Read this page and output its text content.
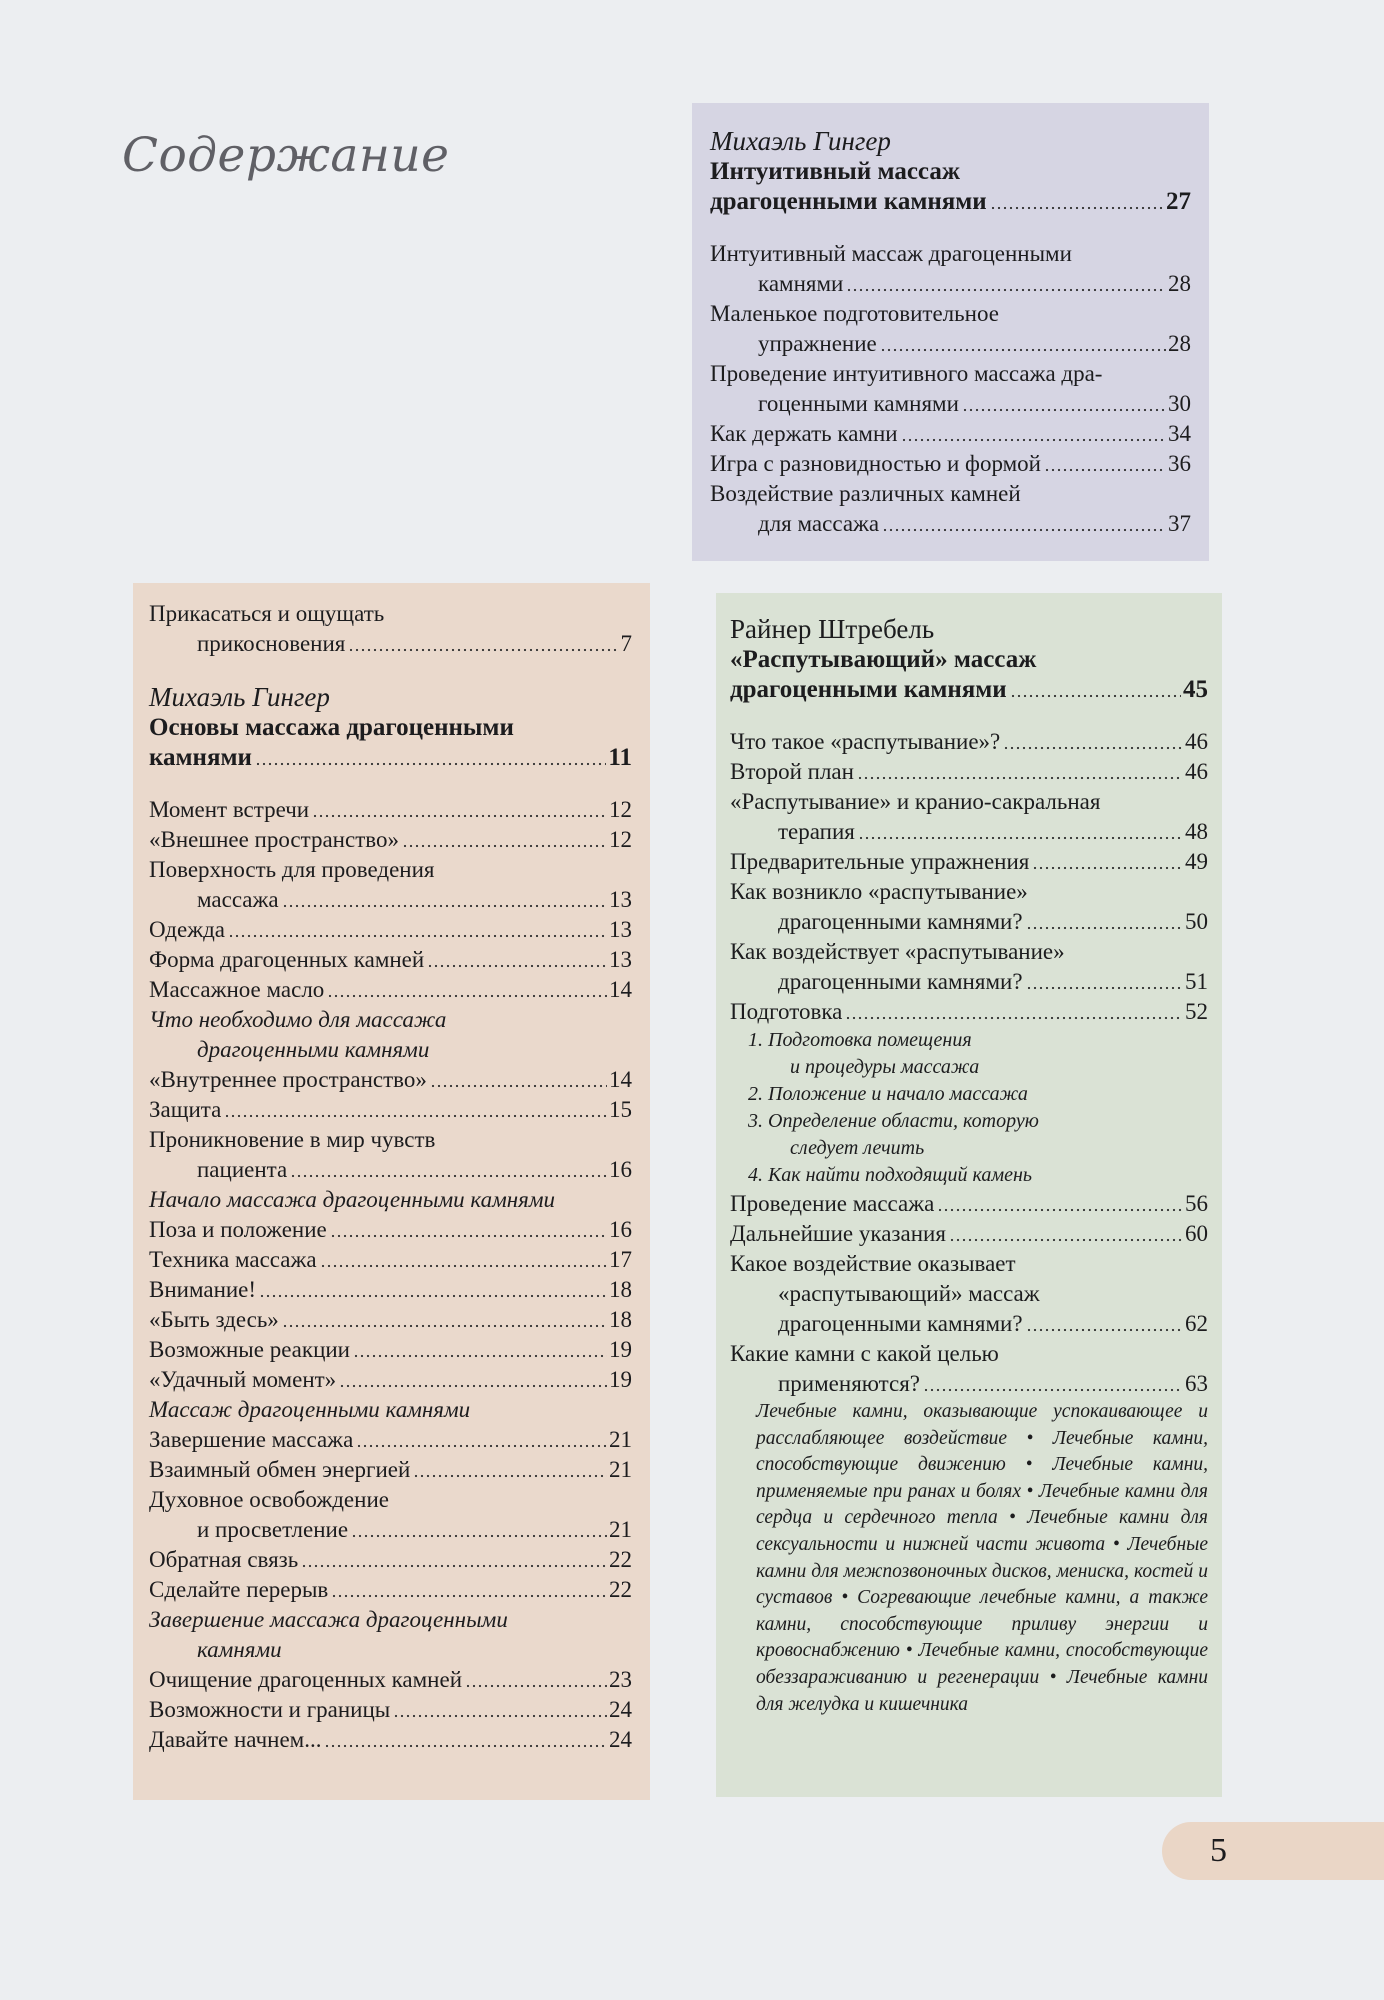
Содержание	Михаэль Гингер
Интуитивный массаж
драгоценными камнями	27
Интуитивный массаж драгоценными
камнями	28
Маленькое подготовительное
упражнение	28
Проведение интуитивного массажа дра-
гоценными камнями	30
Как держать камни	34
Игра с разновидностью и формой	36
Воздействие различных камней
для массажа	37
Прикасаться и ощущать
прикосновения	7
Михаэль Гингер
Основы массажа драгоценными
камнями	11
Момент встречи	12
«Внешнее пространство»	12
Поверхность для проведения
массажа	13
Одежда	13
Форма драгоценных камней	13
Массажное масло	14
Что необходимо для массажа
драгоценными камнями
«Внутреннее пространство»	14
Защита	15
Проникновение в мир чувств
пациента	16
Начало массажа драгоценными камнями
Поза и положение	16
Техника массажа	17
Внимание!	18
«Быть здесь»	18
Возможные реакции	19
«Удачный момент»	19
Массаж драгоценными камнями
Завершение массажа	21
Взаимный обмен энергией	21
Духовное освобождение
и просветление	21
Обратная связь	22
Сделайте перерыв	22
Завершение массажа драгоценными
камнями
Очищение драгоценных камней	23
Возможности и границы	24
Давайте начнем...	24
Райнер Штребель
«Распутывающий» массаж
драгоценными камнями	45
Что такое «распутывание»?	46
Второй план	46
«Распутывание» и кранио-сакральная
терапия	48
Предварительные упражнения	49
Как возникло «распутывание»
драгоценными камнями?	50
Как воздействует «распутывание»
драгоценными камнями?	51
Подготовка	52
1. Подготовка помещения
и процедуры массажа
2. Положение и начало массажа
3. Определение области, которую
следует лечить
4. Как найти подходящий камень
Проведение массажа	56
Дальнейшие указания	60
Какое воздействие оказывает
«распутывающий» массаж
драгоценными камнями?	62
Какие камни с какой целью
применяются?	63
Лечебные камни, оказывающие успокаивающее и расслабляющее воздействие • Лечебные камни, способствующие движению • Лечебные камни, применяемые при ранах и болях • Лечебные камни для сердца и сердечного тепла • Лечебные камни для сексуальности и нижней части живота • Лечебные камни для межпозвоночных дисков, мениска, костей и суставов • Согревающие лечебные камни, а также камни, способствующие приливу энергии и кровоснабжению • Лечебные камни, способствующие обеззараживанию и регенерации • Лечебные камни для желудка и кишечника
5
